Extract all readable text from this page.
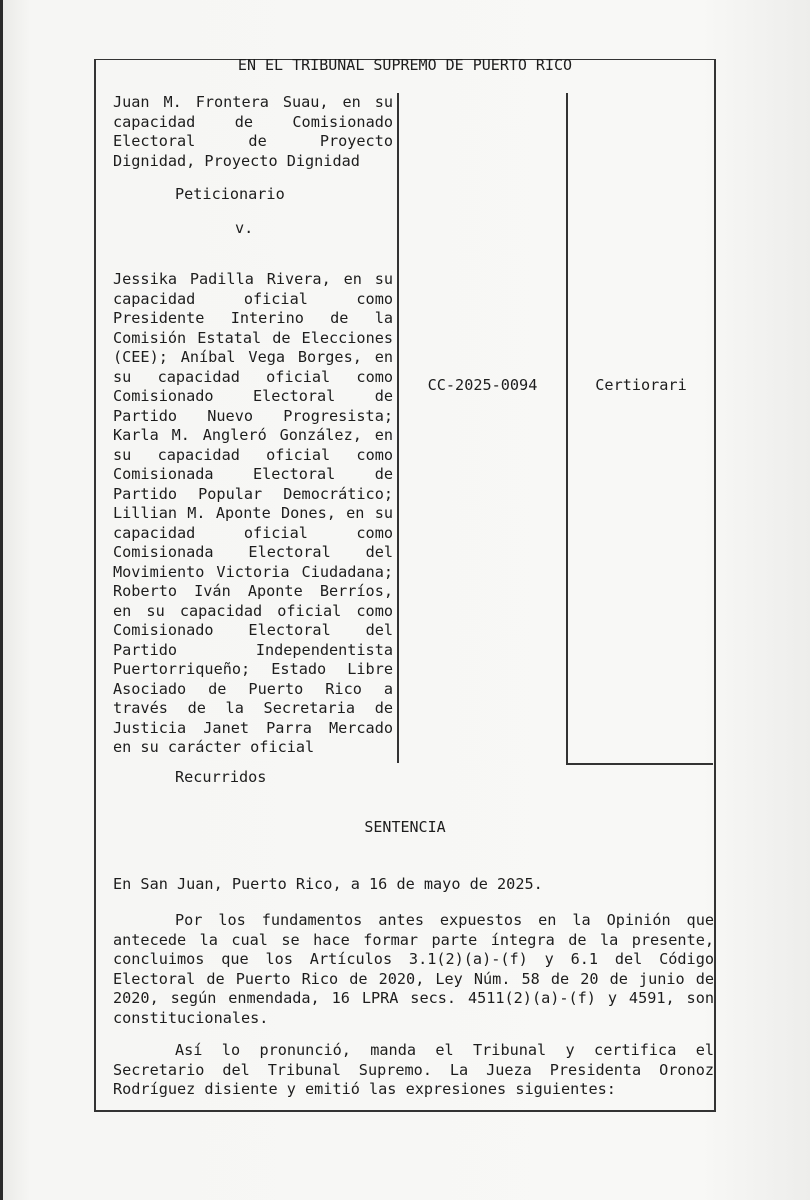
EN EL TRIBUNAL SUPREMO DE PUERTO RICO
Juan M. Frontera Suau, en su capacidad de Comisionado Electoral de Proyecto Dignidad, Proyecto Dignidad
Peticionario
v.
Jessika Padilla Rivera, en su capacidad oficial como Presidente Interino de la Comisión Estatal de Elecciones (CEE); Aníbal Vega Borges, en su capacidad oficial como Comisionado Electoral de Partido Nuevo Progresista; Karla M. Angleró González, en su capacidad oficial como Comisionada Electoral de Partido Popular Democrático; Lillian M. Aponte Dones, en su capacidad oficial como Comisionada Electoral del Movimiento Victoria Ciudadana; Roberto Iván Aponte Berríos, en su capacidad oficial como Comisionado Electoral del Partido Independentista Puertorriqueño; Estado Libre Asociado de Puerto Rico a través de la Secretaria de Justicia Janet Parra Mercado en su carácter oficial
Recurridos
CC-2025-0094	Certiorari
SENTENCIA
En San Juan, Puerto Rico, a 16 de mayo de 2025.
Por los fundamentos antes expuestos en la Opinión que antecede la cual se hace formar parte íntegra de la presente, concluimos que los Artículos 3.1(2)(a)-(f) y 6.1 del Código Electoral de Puerto Rico de 2020, Ley Núm. 58 de 20 de junio de 2020, según enmendada, 16 LPRA secs. 4511(2)(a)-(f) y 4591, son constitucionales.
Así lo pronunció, manda el Tribunal y certifica el Secretario del Tribunal Supremo. La Jueza Presidenta Oronoz Rodríguez disiente y emitió las expresiones siguientes:
